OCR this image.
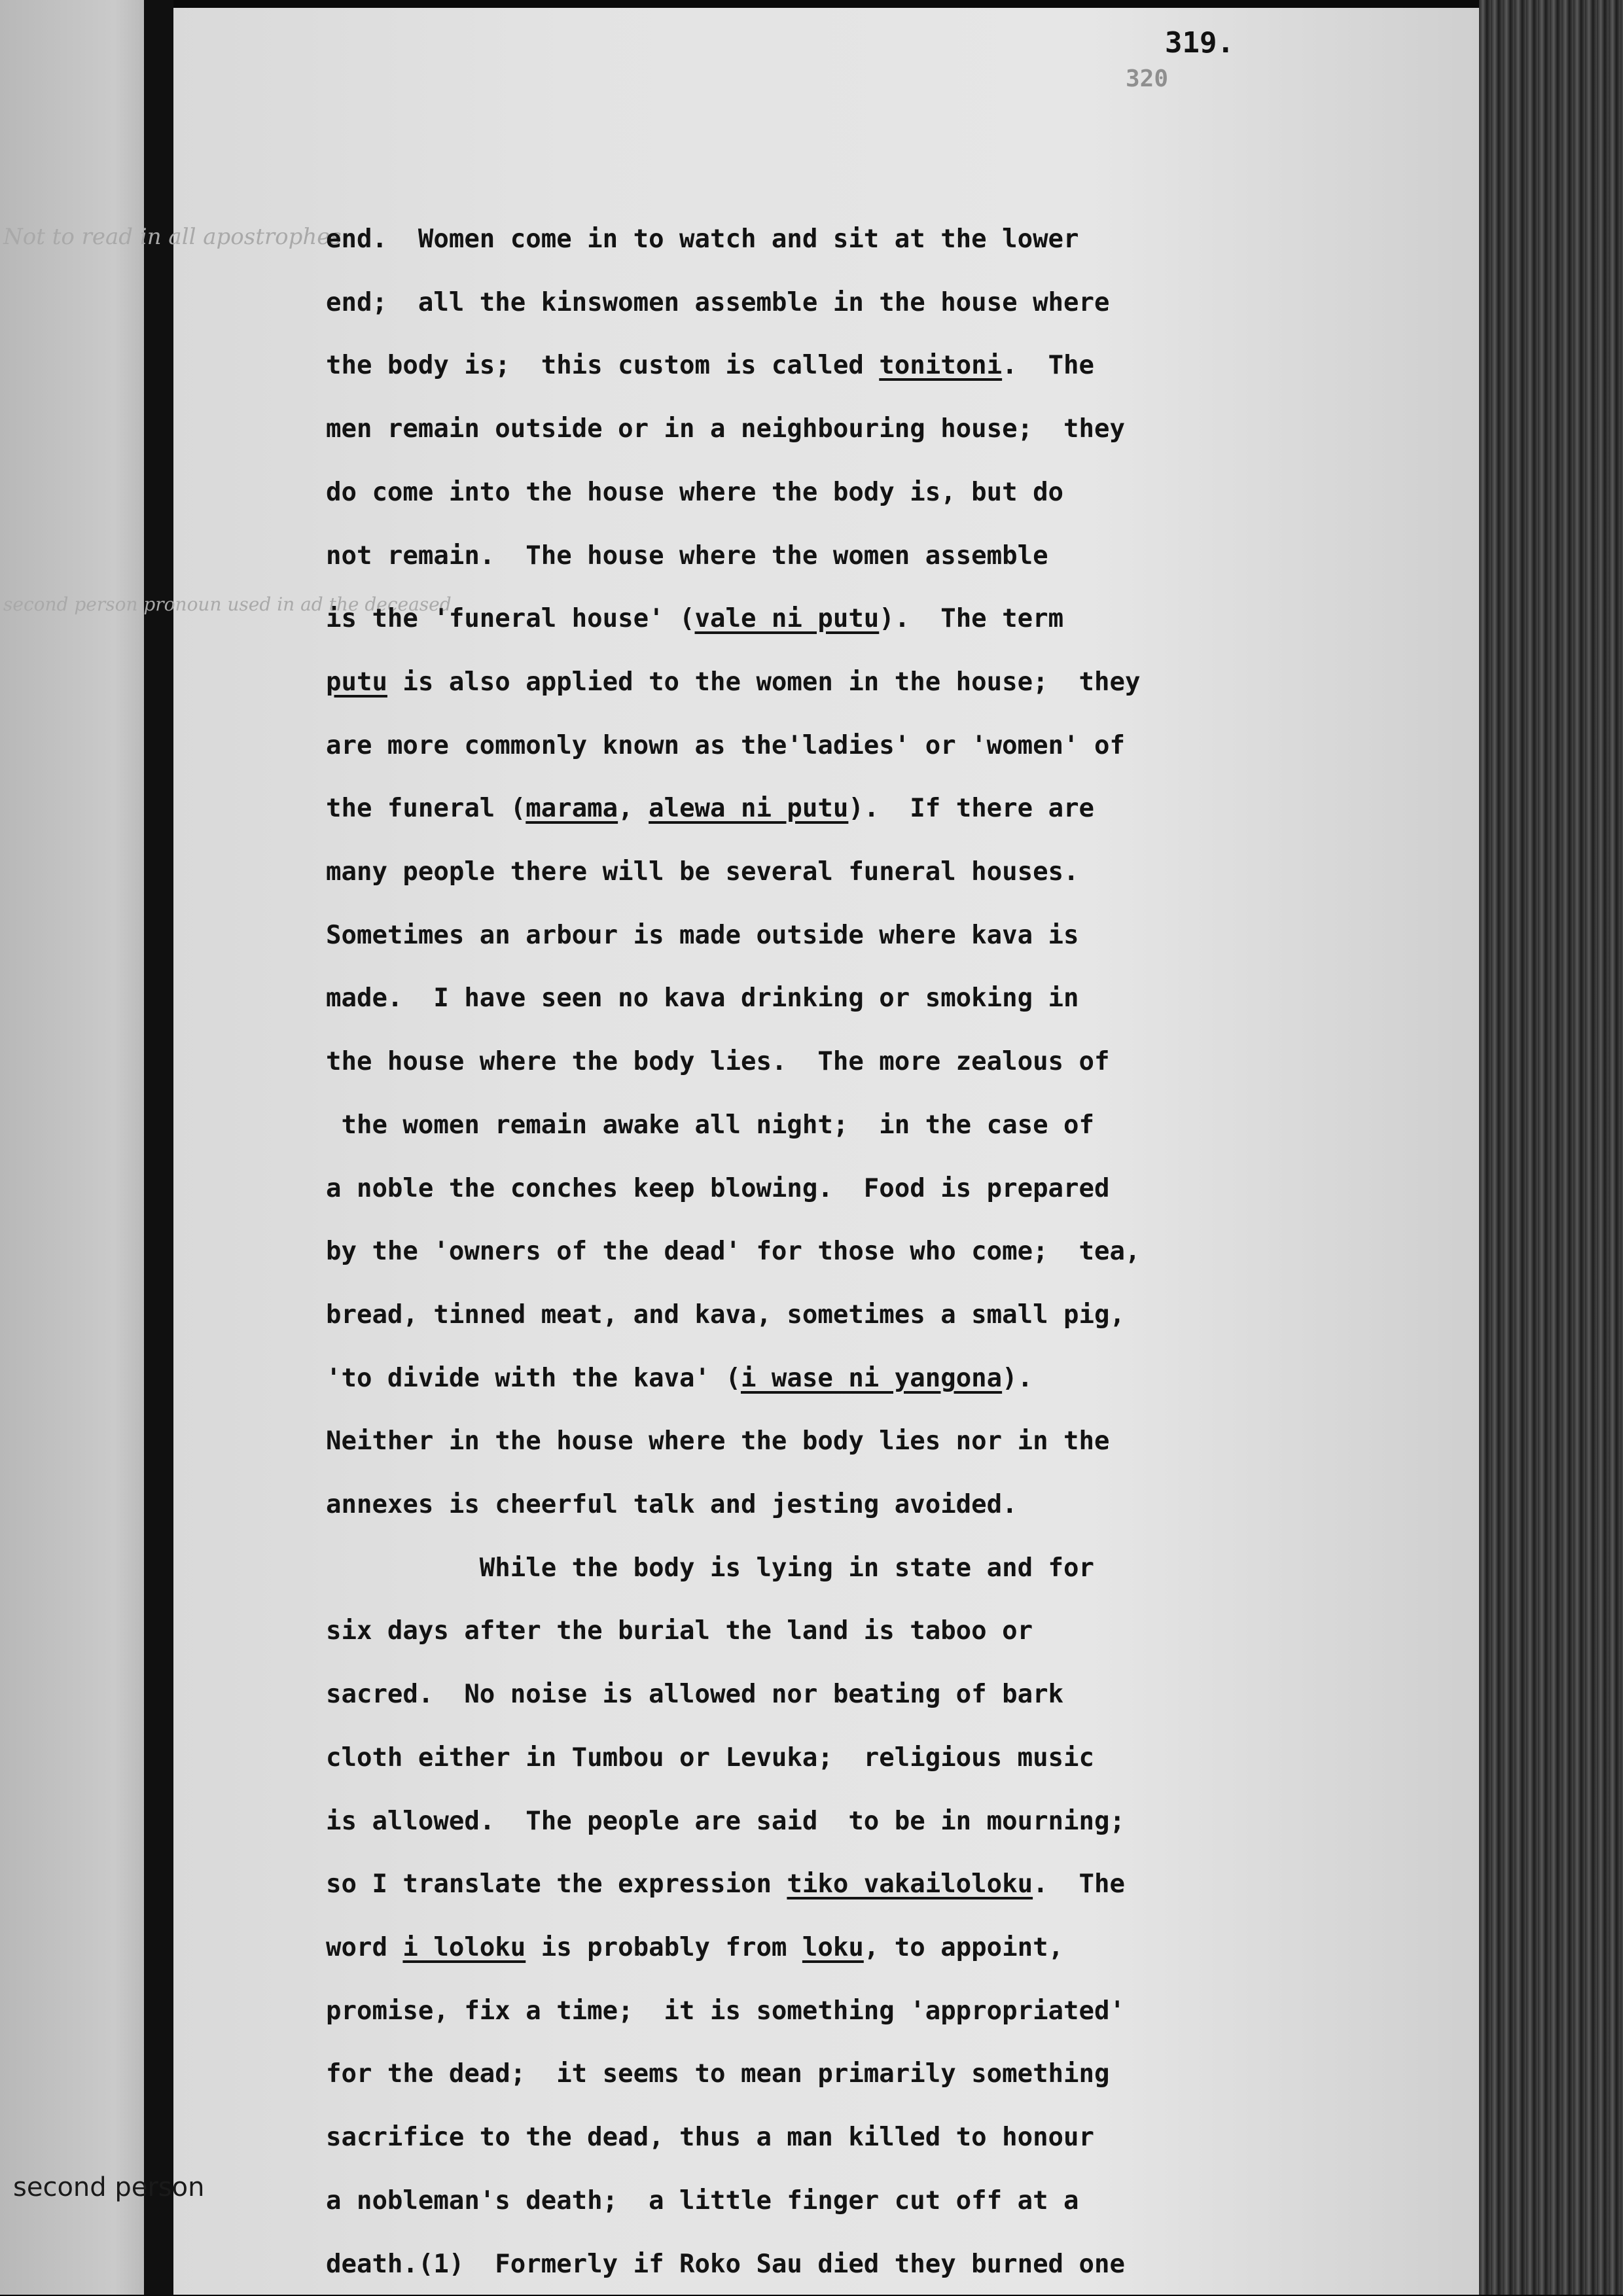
319.
320
Not to read in all apostrophes.
second person pronoun used in ad the deceased
second person
end.  Women come in to watch and sit at the lower
end;  all the kinswomen assemble in the house where
the body is;  this custom is called tonitoni.  The
men remain outside or in a neighbouring house;  they
do come into the house where the body is, but do
not remain.  The house where the women assemble
is the 'funeral house' (vale ni putu).  The term
putu is also applied to the women in the house;  they
are more commonly known as the'ladies' or 'women' of
the funeral (marama, alewa ni putu).  If there are
many people there will be several funeral houses.
Sometimes an arbour is made outside where kava is
made.  I have seen no kava drinking or smoking in
the house where the body lies.  The more zealous of
the women remain awake all night;  in the case of
a noble the conches keep blowing.  Food is prepared
by the 'owners of the dead' for those who come;  tea,
bread, tinned meat, and kava, sometimes a small pig,
'to divide with the kava' (i wase ni yangona).
Neither in the house where the body lies nor in the
annexes is cheerful talk and jesting avoided.
While the body is lying in state and for
six days after the burial the land is taboo or
sacred.  No noise is allowed nor beating of bark
cloth either in Tumbou or Levuka;  religious music
is allowed.  The people are said  to be in mourning;
so I translate the expression tiko vakailoloku.  The
word i loloku is probably from loku, to appoint,
promise, fix a time;  it is something 'appropriated'
for the dead;  it seems to mean primarily something
sacrifice to the dead, thus a man killed to honour
a nobleman's death;  a little finger cut off at a
death.(1)  Formerly if Roko Sau died they burned one
